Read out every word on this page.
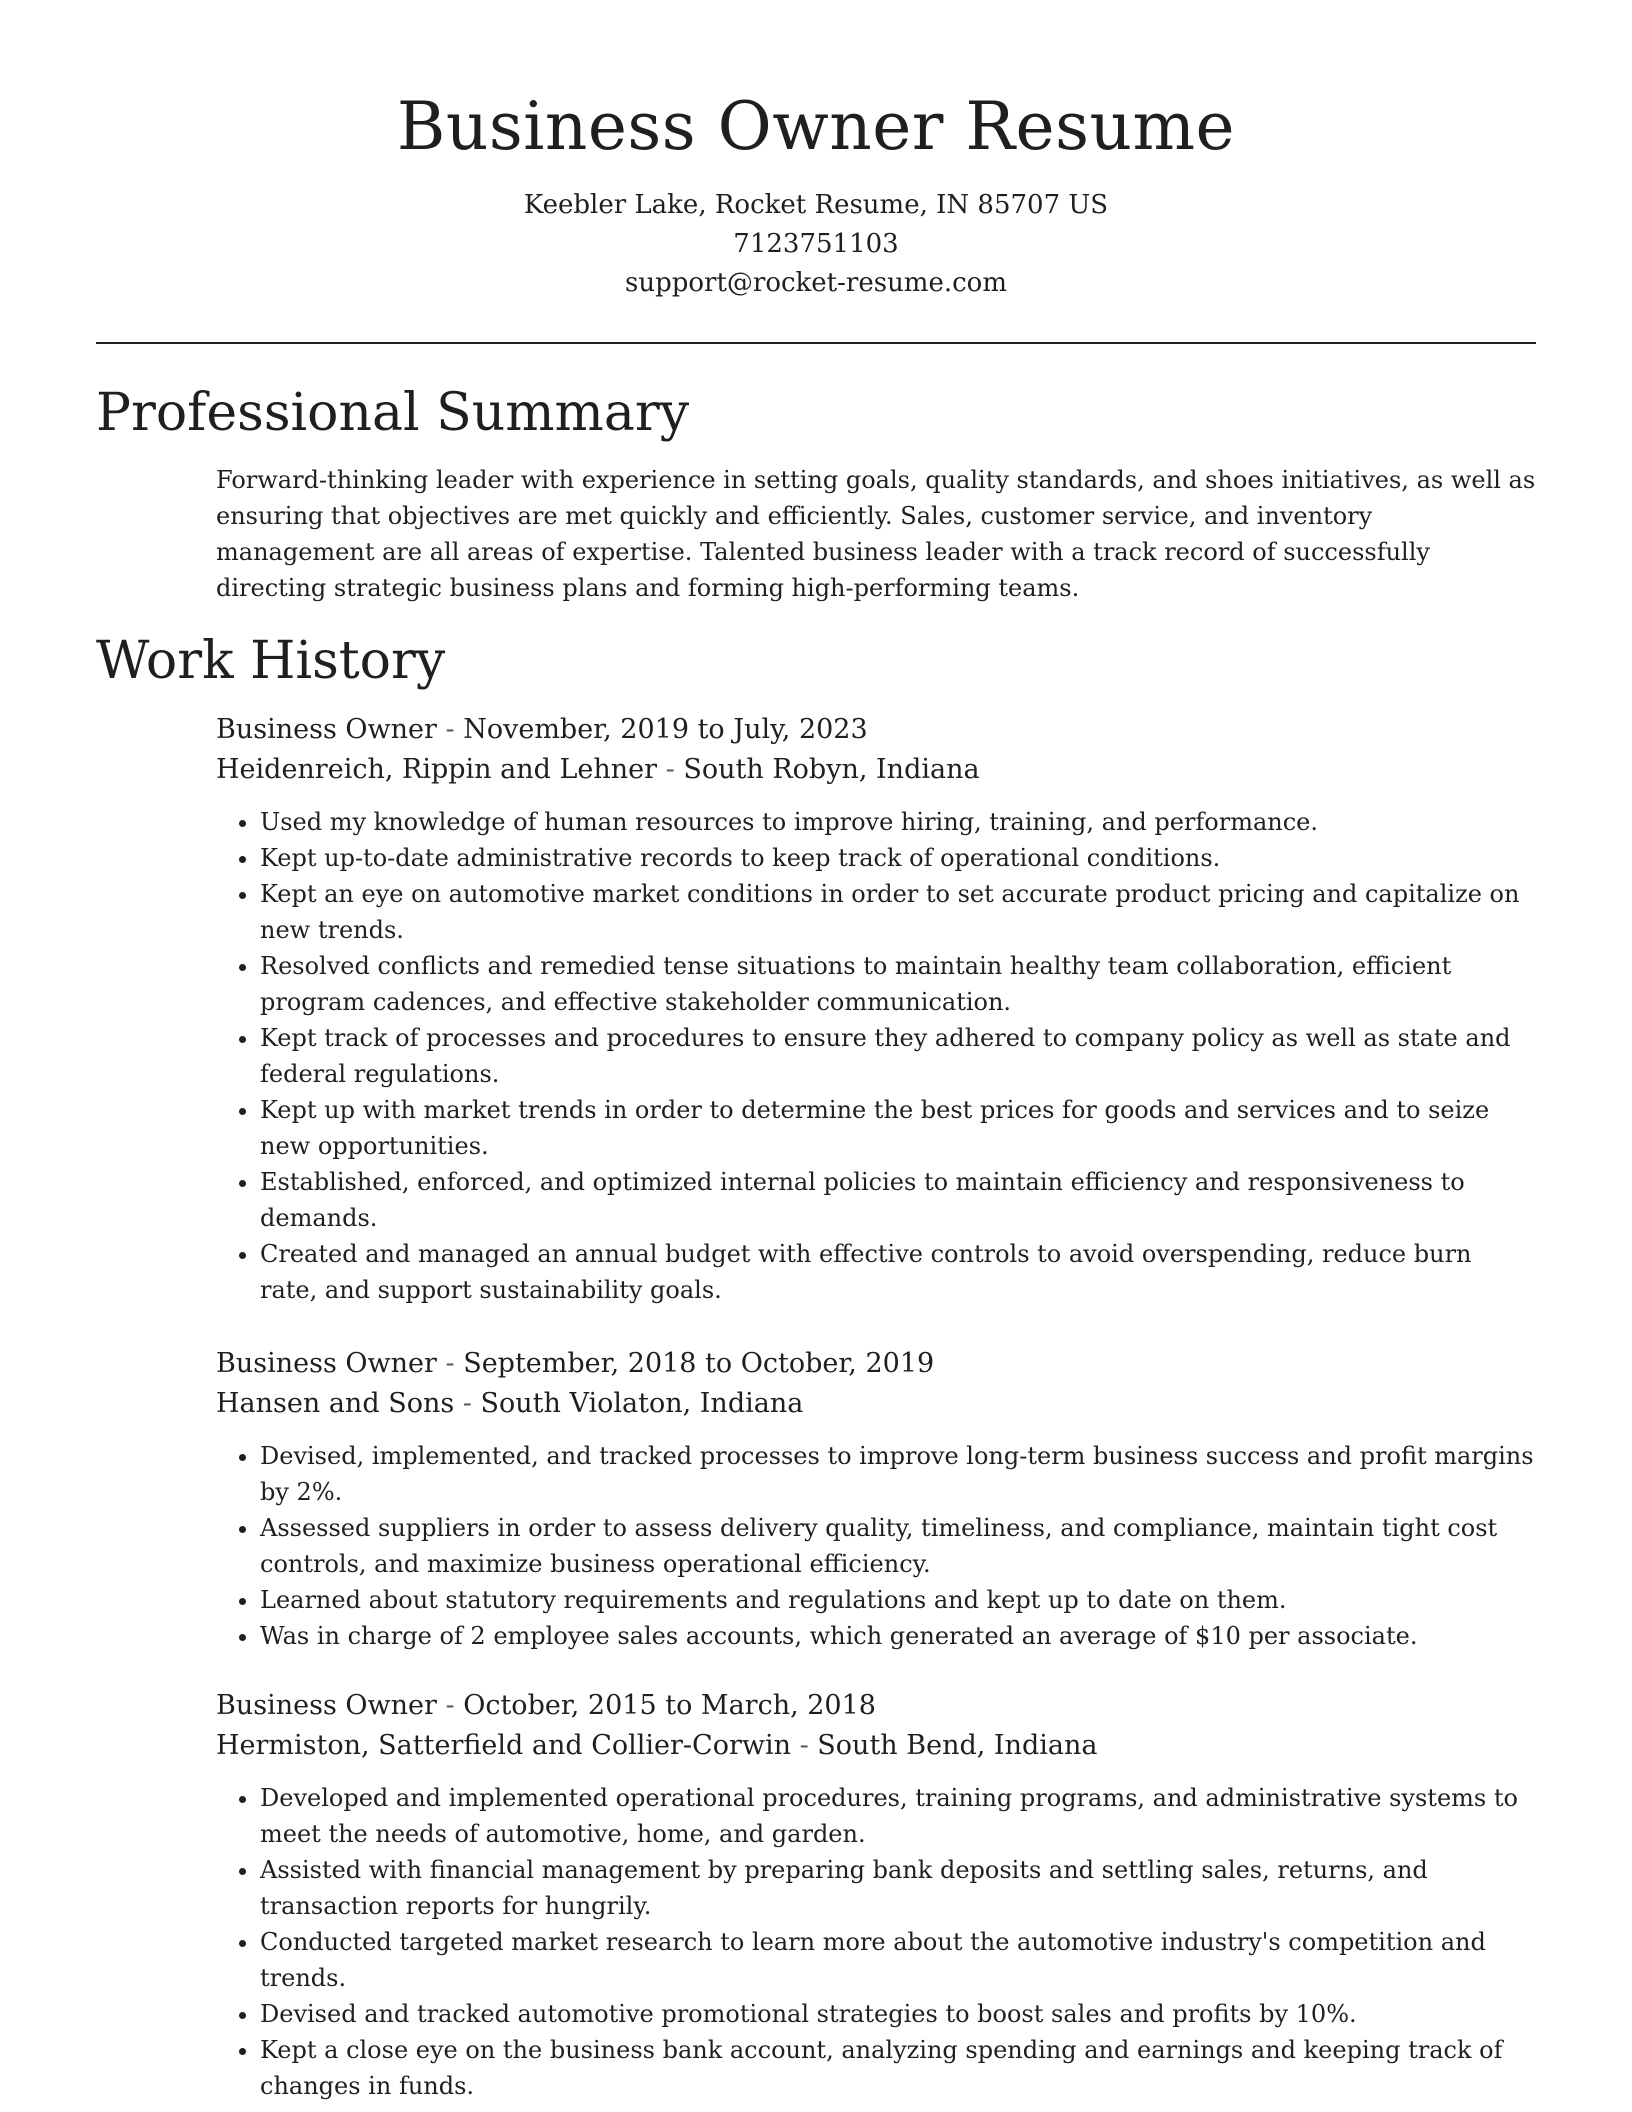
Business Owner Resume
Keebler Lake, Rocket Resume, IN 85707 US
7123751103
support@rocket-resume.com
Professional Summary

Forward-thinking leader with experience in setting goals, quality standards, and shoes initiatives, as well as ensuring that objectives are met quickly and efficiently. Sales, customer service, and inventory management are all areas of expertise. Talented business leader with a track record of successfully directing strategic business plans and forming high-performing teams.

Work History

Business Owner - November, 2019 to July, 2023

Heidenreich, Rippin and Lehner - South Robyn, Indiana

• Used my knowledge of human resources to improve hiring, training, and performance.
• Kept up-to-date administrative records to keep track of operational conditions.
• Kept an eye on automotive market conditions in order to set accurate product pricing and capitalize on new trends.
• Resolved conflicts and remedied tense situations to maintain healthy team collaboration, efficient program cadences, and effective stakeholder communication.
• Kept track of processes and procedures to ensure they adhered to company policy as well as state and federal regulations.
• Kept up with market trends in order to determine the best prices for goods and services and to seize new opportunities.
• Established, enforced, and optimized internal policies to maintain efficiency and responsiveness to demands.
• Created and managed an annual budget with effective controls to avoid overspending, reduce burn rate, and support sustainability goals.

Business Owner - September, 2018 to October, 2019

Hansen and Sons - South Violaton, Indiana

• Devised, implemented, and tracked processes to improve long-term business success and profit margins by 2%.
• Assessed suppliers in order to assess delivery quality, timeliness, and compliance, maintain tight cost controls, and maximize business operational efficiency.
• Learned about statutory requirements and regulations and kept up to date on them.
• Was in charge of 2 employee sales accounts, which generated an average of $10 per associate.

Business Owner - October, 2015 to March, 2018

Hermiston, Satterfield and Collier-Corwin - South Bend, Indiana

• Developed and implemented operational procedures, training programs, and administrative systems to meet the needs of automotive, home, and garden.
• Assisted with financial management by preparing bank deposits and settling sales, returns, and transaction reports for hungrily.
• Conducted targeted market research to learn more about the automotive industry's competition and trends.
• Devised and tracked automotive promotional strategies to boost sales and profits by 10%.
• Kept a close eye on the business bank account, analyzing spending and earnings and keeping track of changes in funds.
